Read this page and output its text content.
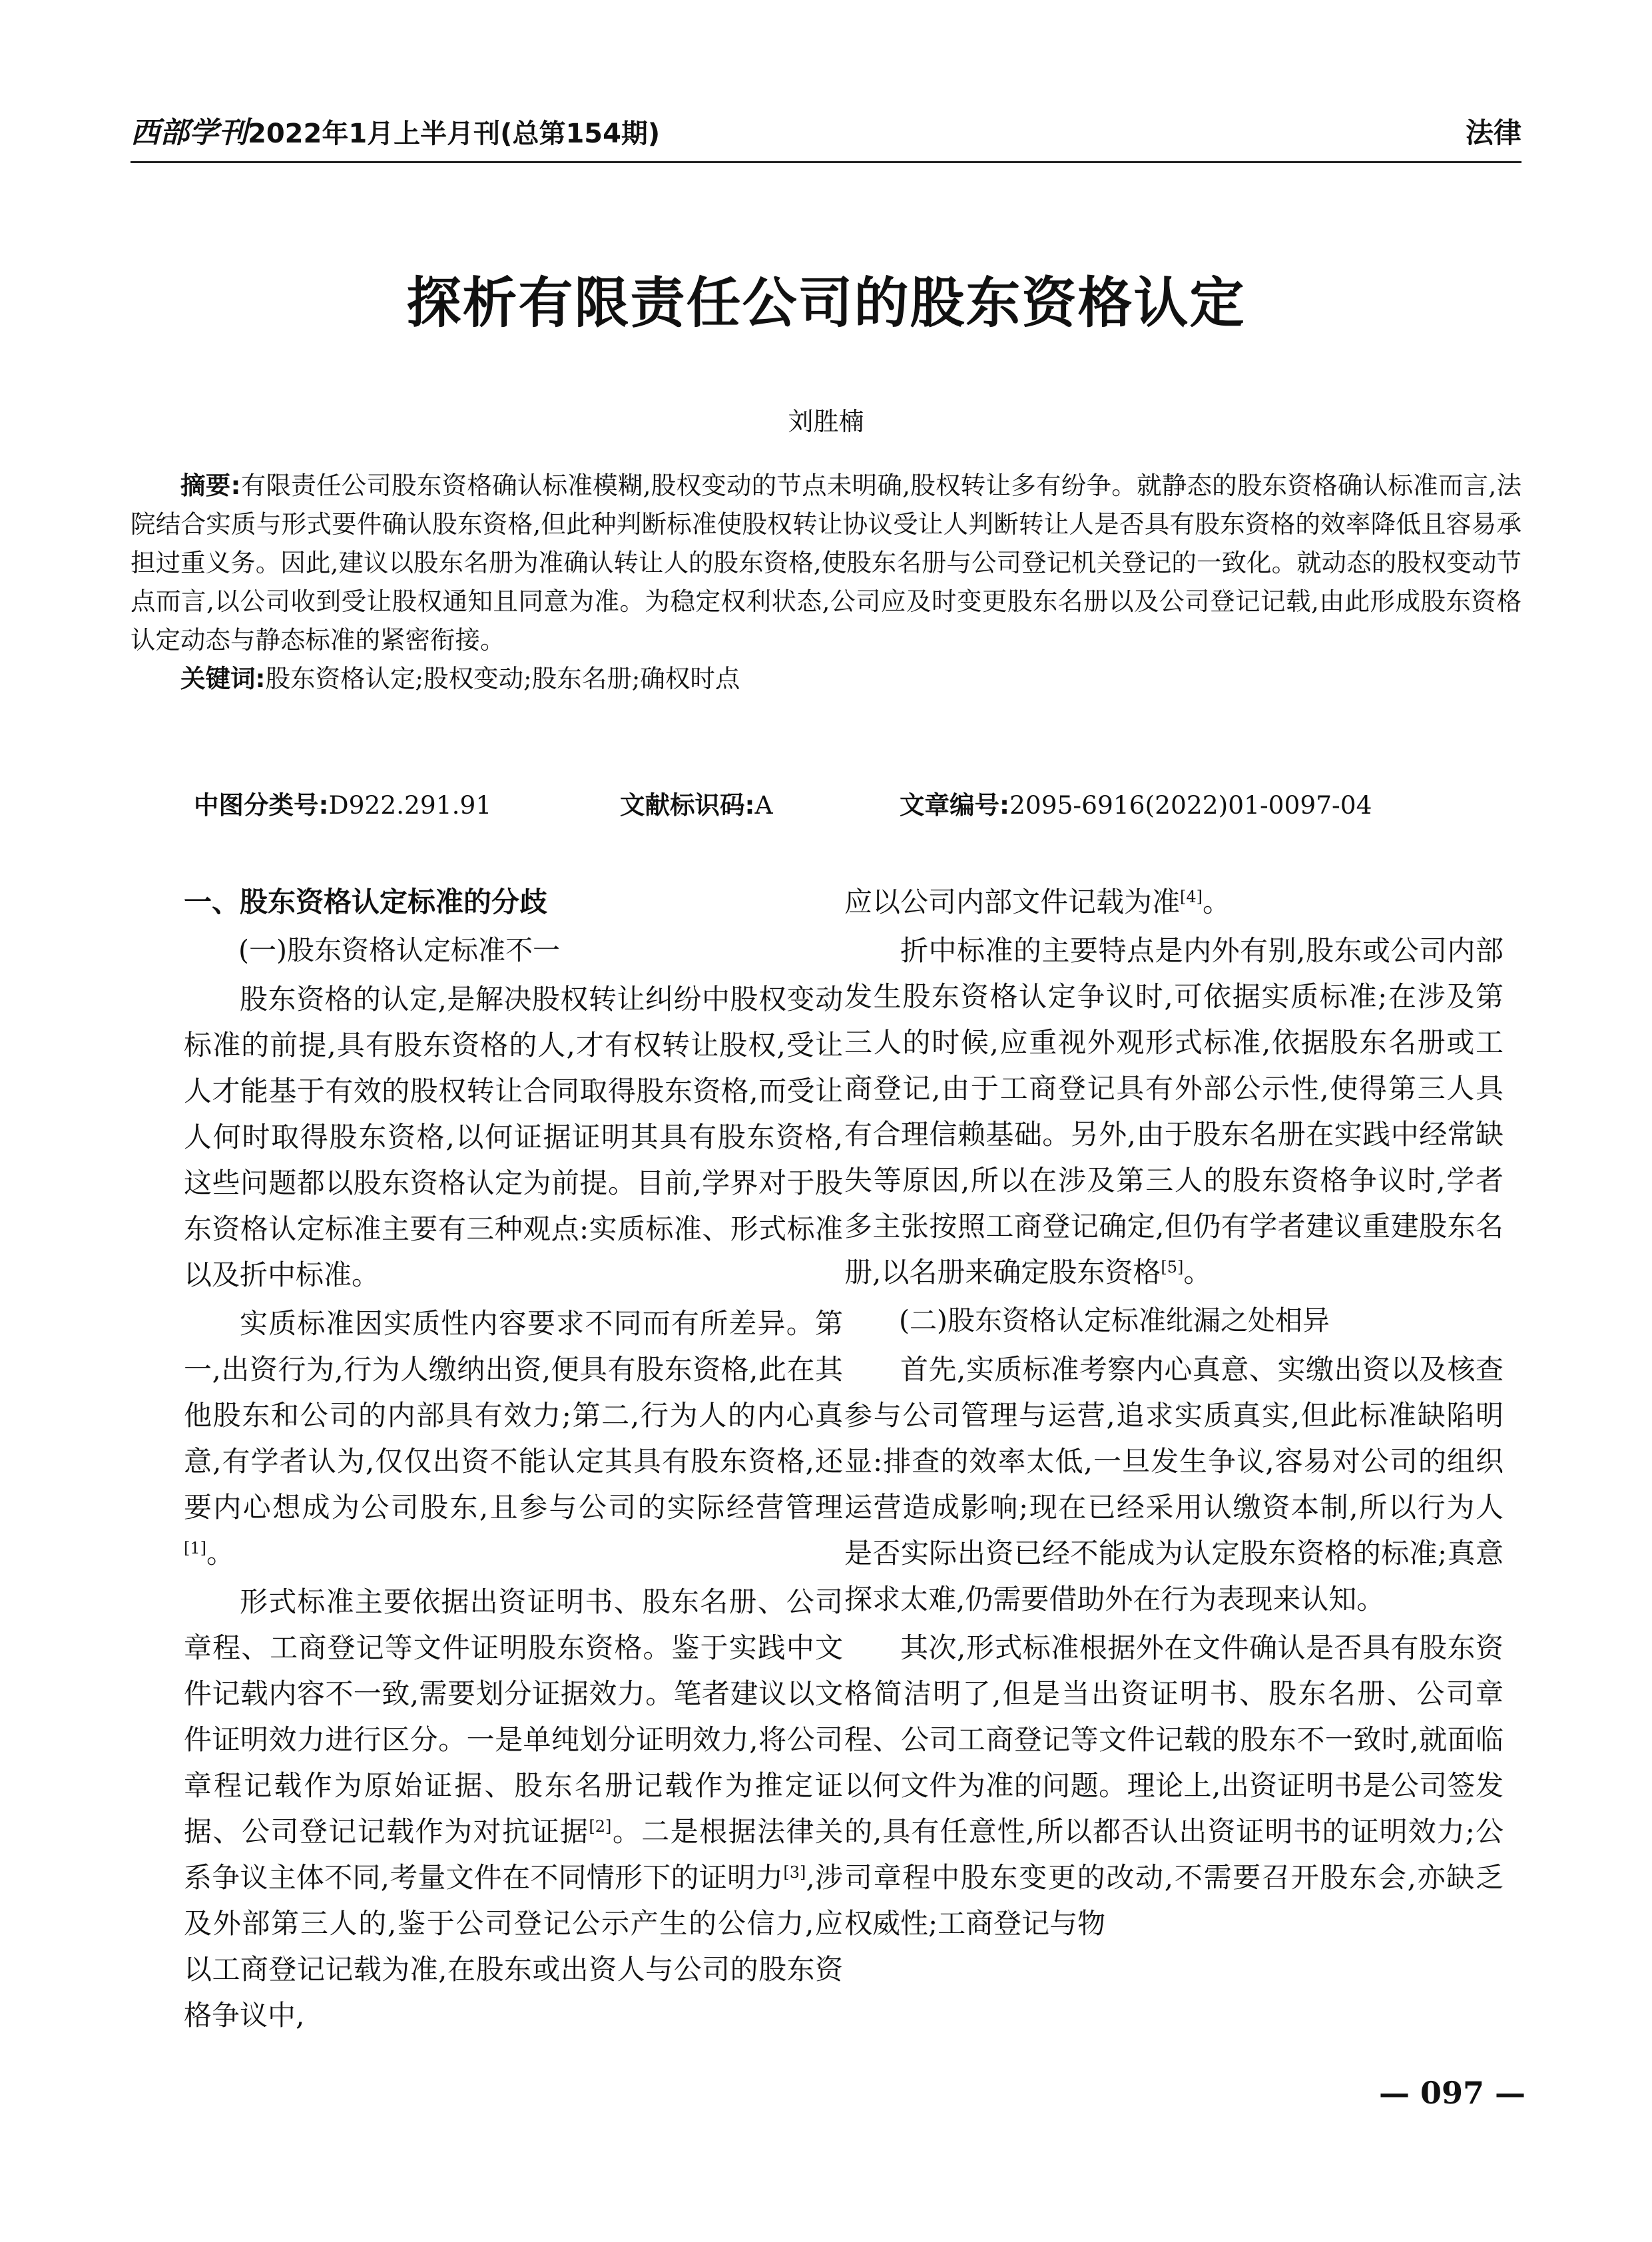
西部学刊2022年1月上半月刊(总第154期)	法律
探析有限责任公司的股东资格认定
刘胜楠

摘要:有限责任公司股东资格确认标准模糊,股权变动的节点未明确,股权转让多有纷争。就静态的股东资格确认标准而言,法院结合实质与形式要件确认股东资格,但此种判断标准使股权转让协议受让人判断转让人是否具有股东资格的效率降低且容易承担过重义务。因此,建议以股东名册为准确认转让人的股东资格,使股东名册与公司登记机关登记的一致化。就动态的股权变动节点而言,以公司收到受让股权通知且同意为准。为稳定权利状态,公司应及时变更股东名册以及公司登记记载,由此形成股东资格认定动态与静态标准的紧密衔接。

关键词:股东资格认定;股权变动;股东名册;确权时点

中图分类号:D922.291.91	文献标识码:A	文章编号:2095-6916(2022)01-0097-04
一、股东资格认定标准的分歧
(一)股东资格认定标准不一

股东资格的认定,是解决股权转让纠纷中股权变动标准的前提,具有股东资格的人,才有权转让股权,受让人才能基于有效的股权转让合同取得股东资格,而受让人何时取得股东资格,以何证据证明其具有股东资格,这些问题都以股东资格认定为前提。目前,学界对于股东资格认定标准主要有三种观点:实质标准、形式标准以及折中标准。

实质标准因实质性内容要求不同而有所差异。第一,出资行为,行为人缴纳出资,便具有股东资格,此在其他股东和公司的内部具有效力;第二,行为人的内心真意,有学者认为,仅仅出资不能认定其具有股东资格,还要内心想成为公司股东,且参与公司的实际经营管理[1]。

形式标准主要依据出资证明书、股东名册、公司章程、工商登记等文件证明股东资格。鉴于实践中文件记载内容不一致,需要划分证据效力。笔者建议以文件证明效力进行区分。一是单纯划分证明效力,将公司章程记载作为原始证据、股东名册记载作为推定证据、公司登记记载作为对抗证据[2]。二是根据法律关系争议主体不同,考量文件在不同情形下的证明力[3],涉及外部第三人的,鉴于公司登记公示产生的公信力,应以工商登记记载为准,在股东或出资人与公司的股东资格争议中,

应以公司内部文件记载为准[4]。

折中标准的主要特点是内外有别,股东或公司内部发生股东资格认定争议时,可依据实质标准;在涉及第三人的时候,应重视外观形式标准,依据股东名册或工商登记,由于工商登记具有外部公示性,使得第三人具有合理信赖基础。另外,由于股东名册在实践中经常缺失等原因,所以在涉及第三人的股东资格争议时,学者多主张按照工商登记确定,但仍有学者建议重建股东名册,以名册来确定股东资格[5]。

(二)股东资格认定标准纰漏之处相异

首先,实质标准考察内心真意、实缴出资以及核查参与公司管理与运营,追求实质真实,但此标准缺陷明显:排查的效率太低,一旦发生争议,容易对公司的组织运营造成影响;现在已经采用认缴资本制,所以行为人是否实际出资已经不能成为认定股东资格的标准;真意探求太难,仍需要借助外在行为表现来认知。

其次,形式标准根据外在文件确认是否具有股东资格简洁明了,但是当出资证明书、股东名册、公司章程、公司工商登记等文件记载的股东不一致时,就面临以何文件为准的问题。理论上,出资证明书是公司签发的,具有任意性,所以都否认出资证明书的证明效力;公司章程中股东变更的改动,不需要召开股东会,亦缺乏权威性;工商登记与物

— 097 —
